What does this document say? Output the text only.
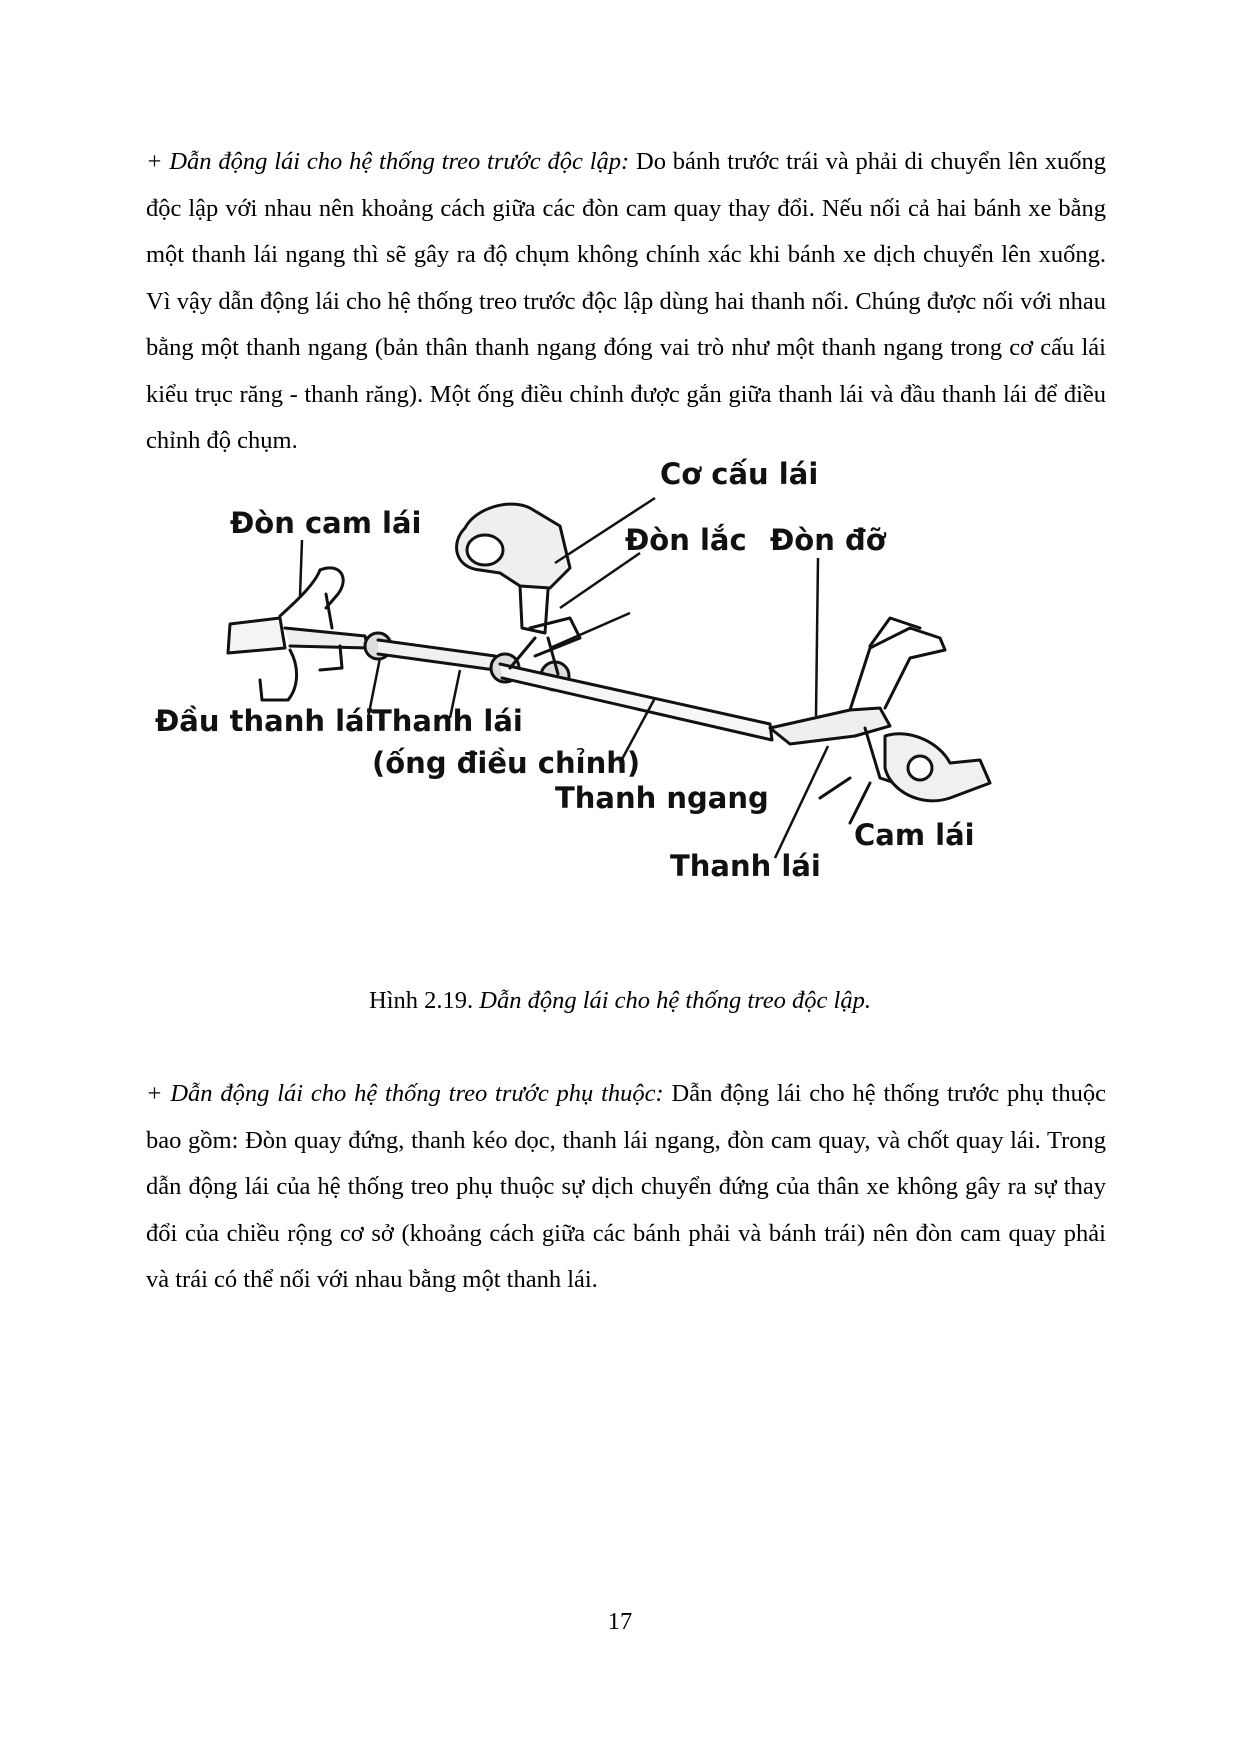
+ Dẫn động lái cho hệ thống treo trước độc lập: Do bánh trước trái và phải di chuyển lên xuống độc lập với nhau nên khoảng cách giữa các đòn cam quay thay đổi. Nếu nối cả hai bánh xe bằng một thanh lái ngang thì sẽ gây ra độ chụm không chính xác khi bánh xe dịch chuyển lên xuống. Vì vậy dẫn động lái cho hệ thống treo trước độc lập dùng hai thanh nối. Chúng được nối với nhau bằng một thanh ngang (bản thân thanh ngang đóng vai trò như một thanh ngang trong cơ cấu lái kiểu trục răng - thanh răng). Một ống điều chỉnh được gắn giữa thanh lái và đầu thanh lái để điều chỉnh độ chụm.

Cơ cấu lái
Đòn cam lái	Đòn lắc Đòn đỡ
Đầu thanh lái
Thanh lái
(ống điều chỉnh)
Thanh ngang
Cam lái
Thanh lái
Hình 2.19. Dẫn động lái cho hệ thống treo độc lập.

+ Dẫn động lái cho hệ thống treo trước phụ thuộc: Dẫn động lái cho hệ thống trước phụ thuộc bao gồm: Đòn quay đứng, thanh kéo dọc, thanh lái ngang, đòn cam quay, và chốt quay lái. Trong dẫn động lái của hệ thống treo phụ thuộc sự dịch chuyển đứng của thân xe không gây ra sự thay đổi của chiều rộng cơ sở (khoảng cách giữa các bánh phải và bánh trái) nên đòn cam quay phải và trái có thể nối với nhau bằng một thanh lái.

17
